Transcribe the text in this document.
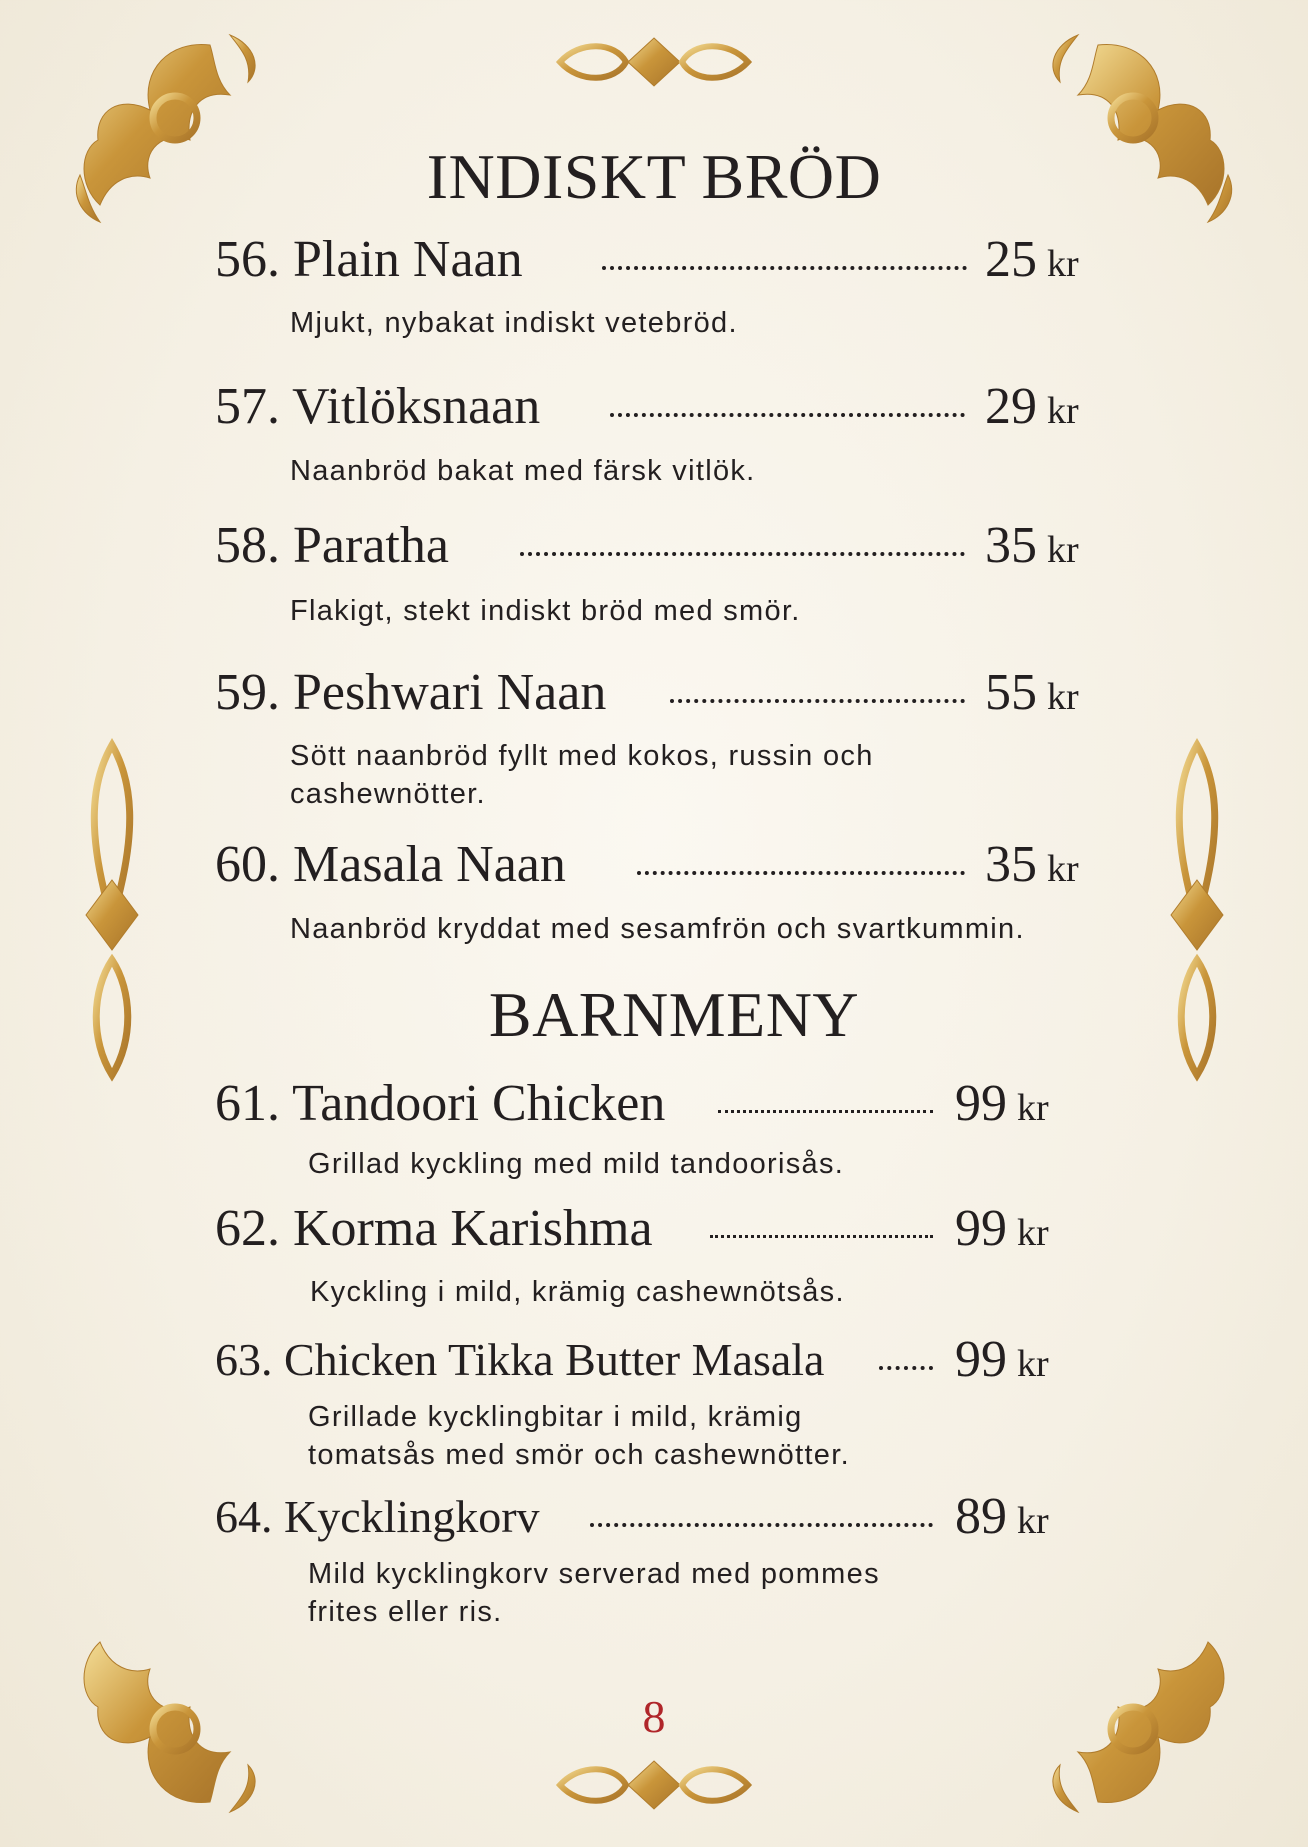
INDISKT BRÖD
56. Plain Naan	25 kr

Mjukt, nybakat indiskt vetebröd.

57. Vitlöksnaan	29 kr

Naanbröd bakat med färsk vitlök.

58. Paratha	35 kr

Flakigt, stekt indiskt bröd med smör.

59. Peshwari Naan	55 kr

Sött naanbröd fyllt med kokos, russin och
cashewnötter.

60. Masala Naan	35 kr

Naanbröd kryddat med sesamfrön och svartkummin.

BARNMENY
61. Tandoori Chicken	99 kr

Grillad kyckling med mild tandoorisås.

62. Korma Karishma	99 kr

Kyckling i mild, krämig cashewnötsås.

63. Chicken Tikka Butter Masala	99 kr

Grillade kycklingbitar i mild, krämig
tomatsås med smör och cashewnötter.

64. Kycklingkorv	89 kr

Mild kycklingkorv serverad med pommes
frites eller ris.

8
